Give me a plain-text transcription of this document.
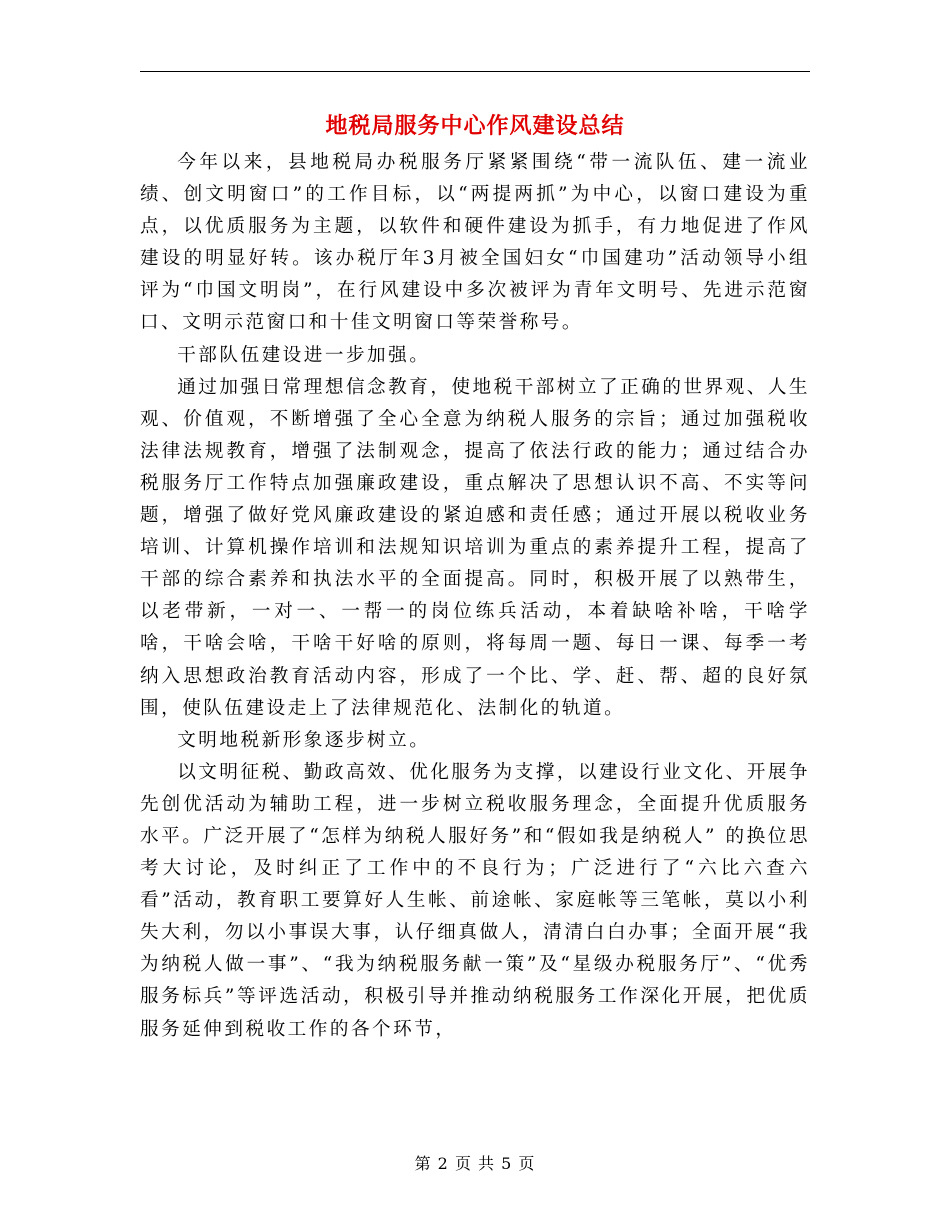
地税局服务中心作风建设总结

今年以来，县地税局办税服务厅紧紧围绕“带一流队伍、建一流业绩、创文明窗口”的工作目标，以“两提两抓”为中心，以窗口建设为重点，以优质服务为主题，以软件和硬件建设为抓手，有力地促进了作风建设的明显好转。该办税厅年3月被全国妇女“巾国建功”活动领导小组评为“巾国文明岗”，在行风建设中多次被评为青年文明号、先进示范窗口、文明示范窗口和十佳文明窗口等荣誉称号。

干部队伍建设进一步加强。

通过加强日常理想信念教育，使地税干部树立了正确的世界观、人生观、价值观，不断增强了全心全意为纳税人服务的宗旨；通过加强税收法律法规教育，增强了法制观念，提高了依法行政的能力；通过结合办税服务厅工作特点加强廉政建设，重点解决了思想认识不高、不实等问题，增强了做好党风廉政建设的紧迫感和责任感；通过开展以税收业务培训、计算机操作培训和法规知识培训为重点的素养提升工程，提高了干部的综合素养和执法水平的全面提高。同时，积极开展了以熟带生，以老带新，一对一、一帮一的岗位练兵活动，本着缺啥补啥，干啥学啥，干啥会啥，干啥干好啥的原则，将每周一题、每日一课、每季一考纳入思想政治教育活动内容，形成了一个比、学、赶、帮、超的良好氛围，使队伍建设走上了法律规范化、法制化的轨道。

文明地税新形象逐步树立。

以文明征税、勤政高效、优化服务为支撑，以建设行业文化、开展争先创优活动为辅助工程，进一步树立税收服务理念，全面提升优质服务水平。广泛开展了“怎样为纳税人服好务”和“假如我是纳税人” 的换位思考大讨论，及时纠正了工作中的不良行为；广泛进行了“六比六查六看”活动，教育职工要算好人生帐、前途帐、家庭帐等三笔帐，莫以小利失大利，勿以小事误大事，认仔细真做人，清清白白办事；全面开展“我为纳税人做一事”、“我为纳税服务献一策”及“星级办税服务厅”、“优秀服务标兵”等评选活动，积极引导并推动纳税服务工作深化开展，把优质服务延伸到税收工作的各个环节，

第 2 页 共 5 页
